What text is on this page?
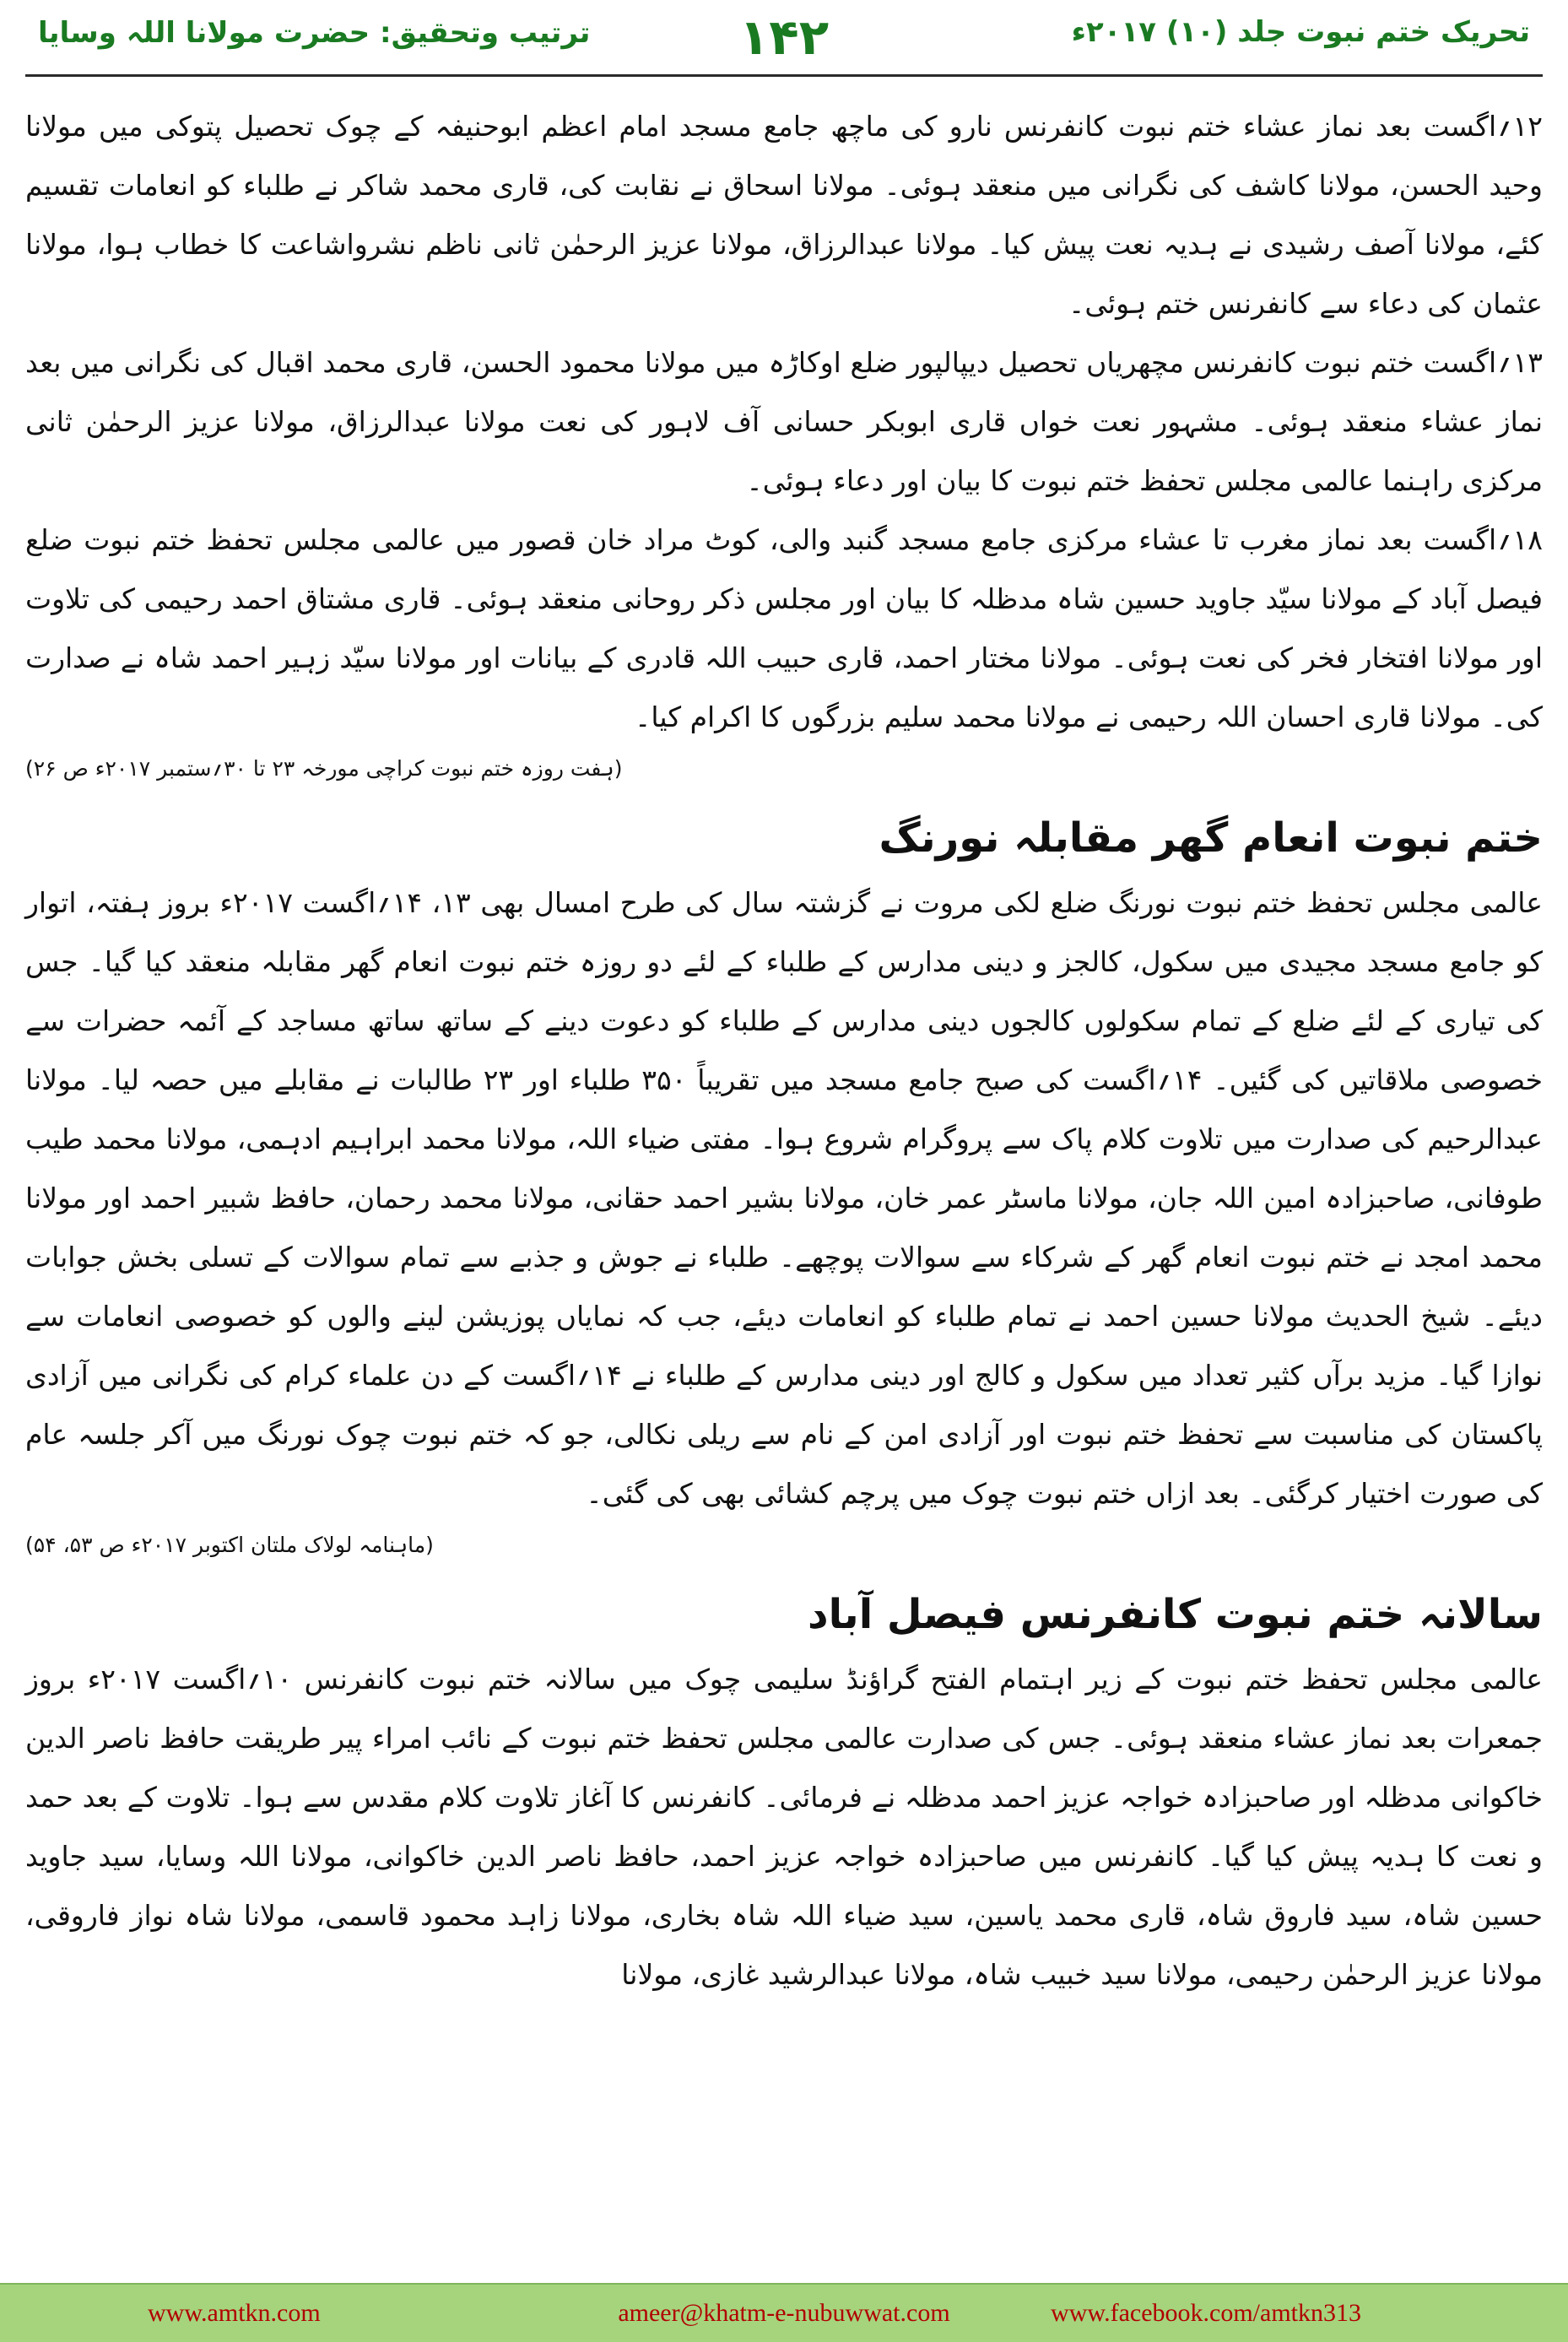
ترتیب وتحقیق: حضرت مولانا اللہ وسایا	۱۴۲	تحریک ختم نبوت جلد (۱۰) ۲۰۱۷ء

۱۲؍اگست بعد نماز عشاء ختم نبوت کانفرنس نارو کی ماچھ جامع مسجد امام اعظم ابوحنیفہ کے چوک تحصیل پتوکی میں مولانا وحید الحسن، مولانا کاشف کی نگرانی میں منعقد ہوئی۔ مولانا اسحاق نے نقابت کی، قاری محمد شاکر نے طلباء کو انعامات تقسیم کئے، مولانا آصف رشیدی نے ہدیہ نعت پیش کیا۔ مولانا عبدالرزاق، مولانا عزیز الرحمٰن ثانی ناظم نشرواشاعت کا خطاب ہوا، مولانا عثمان کی دعاء سے کانفرنس ختم ہوئی۔

۱۳؍اگست ختم نبوت کانفرنس مچھریاں تحصیل دیپالپور ضلع اوکاڑہ میں مولانا محمود الحسن، قاری محمد اقبال کی نگرانی میں بعد نماز عشاء منعقد ہوئی۔ مشہور نعت خواں قاری ابوبکر حسانی آف لاہور کی نعت مولانا عبدالرزاق، مولانا عزیز الرحمٰن ثانی مرکزی راہنما عالمی مجلس تحفظ ختم نبوت کا بیان اور دعاء ہوئی۔

۱۸؍اگست بعد نماز مغرب تا عشاء مرکزی جامع مسجد گنبد والی، کوٹ مراد خان قصور میں عالمی مجلس تحفظ ختم نبوت ضلع فیصل آباد کے مولانا سیّد جاوید حسین شاہ مدظلہ کا بیان اور مجلس ذکر روحانی منعقد ہوئی۔ قاری مشتاق احمد رحیمی کی تلاوت اور مولانا افتخار فخر کی نعت ہوئی۔ مولانا مختار احمد، قاری حبیب اللہ قادری کے بیانات اور مولانا سیّد زہیر احمد شاہ نے صدارت کی۔ مولانا قاری احسان اللہ رحیمی نے مولانا محمد سلیم بزرگوں کا اکرام کیا۔

(ہفت روزہ ختم نبوت کراچی مورخہ ۲۳ تا ۳۰؍ستمبر ۲۰۱۷ء ص ۲۶)
ختم نبوت انعام گھر مقابلہ نورنگ

عالمی مجلس تحفظ ختم نبوت نورنگ ضلع لکی مروت نے گزشتہ سال کی طرح امسال بھی ۱۳، ۱۴؍اگست ۲۰۱۷ء بروز ہفتہ، اتوار کو جامع مسجد مجیدی میں سکول، کالجز و دینی مدارس کے طلباء کے لئے دو روزہ ختم نبوت انعام گھر مقابلہ منعقد کیا گیا۔ جس کی تیاری کے لئے ضلع کے تمام سکولوں کالجوں دینی مدارس کے طلباء کو دعوت دینے کے ساتھ ساتھ مساجد کے آئمہ حضرات سے خصوصی ملاقاتیں کی گئیں۔ ۱۴؍اگست کی صبح جامع مسجد میں تقریباً ۳۵۰ طلباء اور ۲۳ طالبات نے مقابلے میں حصہ لیا۔ مولانا عبدالرحیم کی صدارت میں تلاوت کلام پاک سے پروگرام شروع ہوا۔ مفتی ضیاء اللہ، مولانا محمد ابراہیم ادہمی، مولانا محمد طیب طوفانی، صاحبزادہ امین اللہ جان، مولانا ماسٹر عمر خان، مولانا بشیر احمد حقانی، مولانا محمد رحمان، حافظ شبیر احمد اور مولانا محمد امجد نے ختم نبوت انعام گھر کے شرکاء سے سوالات پوچھے۔ طلباء نے جوش و جذبے سے تمام سوالات کے تسلی بخش جوابات دیئے۔ شیخ الحدیث مولانا حسین احمد نے تمام طلباء کو انعامات دیئے، جب کہ نمایاں پوزیشن لینے والوں کو خصوصی انعامات سے نوازا گیا۔ مزید برآں کثیر تعداد میں سکول و کالج اور دینی مدارس کے طلباء نے ۱۴؍اگست کے دن علماء کرام کی نگرانی میں آزادی پاکستان کی مناسبت سے تحفظ ختم نبوت اور آزادی امن کے نام سے ریلی نکالی، جو کہ ختم نبوت چوک نورنگ میں آکر جلسہ عام کی صورت اختیار کرگئی۔ بعد ازاں ختم نبوت چوک میں پرچم کشائی بھی کی گئی۔

(ماہنامہ لولاک ملتان اکتوبر ۲۰۱۷ء ص ۵۳، ۵۴)
سالانہ ختم نبوت کانفرنس فیصل آباد

عالمی مجلس تحفظ ختم نبوت کے زیر اہتمام الفتح گراؤنڈ سلیمی چوک میں سالانہ ختم نبوت کانفرنس ۱۰؍اگست ۲۰۱۷ء بروز جمعرات بعد نماز عشاء منعقد ہوئی۔ جس کی صدارت عالمی مجلس تحفظ ختم نبوت کے نائب امراء پیر طریقت حافظ ناصر الدین خاکوانی مدظلہ اور صاحبزادہ خواجہ عزیز احمد مدظلہ نے فرمائی۔ کانفرنس کا آغاز تلاوت کلام مقدس سے ہوا۔ تلاوت کے بعد حمد و نعت کا ہدیہ پیش کیا گیا۔ کانفرنس میں صاحبزادہ خواجہ عزیز احمد، حافظ ناصر الدین خاکوانی، مولانا اللہ وسایا، سید جاوید حسین شاہ، سید فاروق شاہ، قاری محمد یاسین، سید ضیاء اللہ شاہ بخاری، مولانا زاہد محمود قاسمی، مولانا شاہ نواز فاروقی، مولانا عزیز الرحمٰن رحیمی، مولانا سید خبیب شاہ، مولانا عبدالرشید غازی، مولانا

www.amtkn.com	ameer@khatm-e-nubuwwat.com	www.facebook.com/amtkn313
